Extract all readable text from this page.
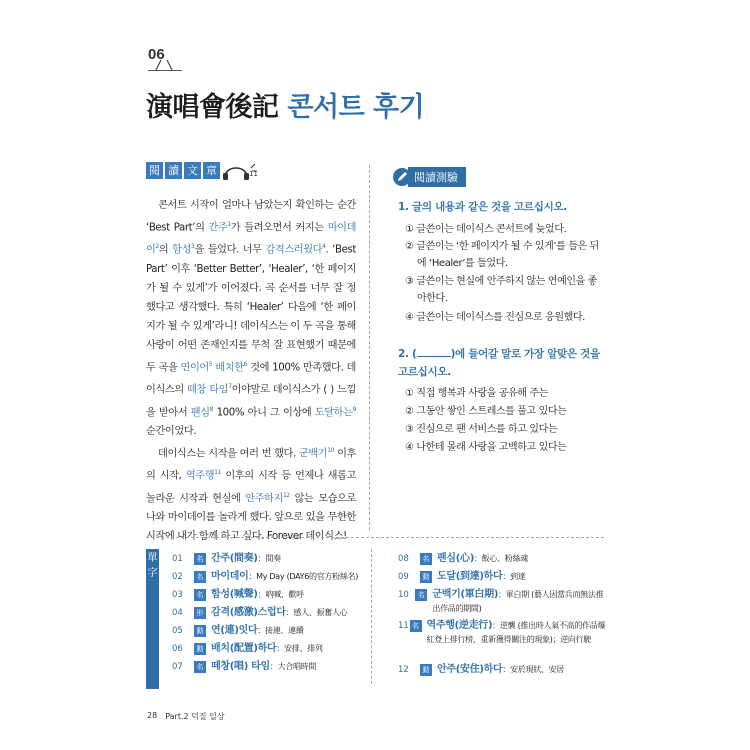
06
演唱會後記 콘서트 후기
閱 讀 文 章	11

콘서트 시작이 얼마나 남았는지 확인하는 순간 ‘Best Part’의 간주$^1$가 들려오면서 커지는 마이데이$^2$의 함성$^3$을 들었다. 너무 감격스러웠다$^4$. ‘Best Part’ 이후 ‘Better Better’, ‘Healer’, ‘한 페이지가 될 수 있게’가 이어졌다. 곡 순서를 너무 잘 정했다고 생각했다. 특히 ‘Healer’ 다음에 ‘한 페이지가 될 수 있게’라니! 데이식스는 이 두 곡을 통해 사랑이 어떤 존재인지를 무척 잘 표현했기 때문에 두 곡을 연이어$^5$ 배치한$^6$ 것에 100% 만족했다. 데이식스의 떼창 타임$^7$이야말로 데이식스가 ( ) 느낌을 받아서 팬심$^8$ 100% 아니 그 이상에 도달하는$^9$ 순간이었다.

데이식스는 시작을 여러 번 했다. 군백기$^{10}$ 이후의 시작, 역주행$^{11}$ 이후의 시작 등 언제나 새롭고 놀라운 시작과 현실에 안주하지$^{12}$ 않는 모습으로 나와 마이데이를 놀라게 했다. 앞으로 있을 무한한 시작에 내가 함께 하고 싶다. Forever 데이식스!

閱讀測驗
1. 글의 내용과 같은 것을 고르십시오.
① 글쓴이는 데이식스 콘서트에 늦었다.
② 글쓴이는 ‘한 페이지가 될 수 있게’를 들은 뒤에 ‘Healer’를 들었다.
③ 글쓴이는 현실에 안주하지 않는 연예인을 좋아한다.
④ 글쓴이는 데이식스를 진심으로 응원했다.
2. (	)에 들어갈 말로 가장 알맞은 것을 고르십시오.
① 직접 행복과 사랑을 공유해 주는
② 그동안 쌓인 스트레스를 풀고 있다는
③ 진심으로 팬 서비스를 하고 있다는
④ 나한테 몰래 사랑을 고백하고 있다는
單
字
01	名 간주(間奏)：間奏
02	名 마이데이：My Day (DAY6的官方粉絲名)
03	名 함성(喊聲)：吶喊、歡呼
04	形 감격(感激)스럽다：感人、振奮人心
05	動 연(連)잇다：接連、連續
06	動 배치(配置)하다：安排、排列
07	名 떼창(唱) 타임：大合唱時間
08	名 팬심(心)：飯心、粉絲魂
09	動 도달(到達)하다：到達
10	名 군백기(軍白期)：軍白期 (藝人因當兵而無法推出作品的期間)
11 名 역주행(逆走行)：逆襲 (推出時人氣不高的作品爆紅登上排行榜，重新獲得關注的現象)；逆向行駛
12	動 안주(安住)하다：安於現狀、安居
28 Part.2 덕질 일상
